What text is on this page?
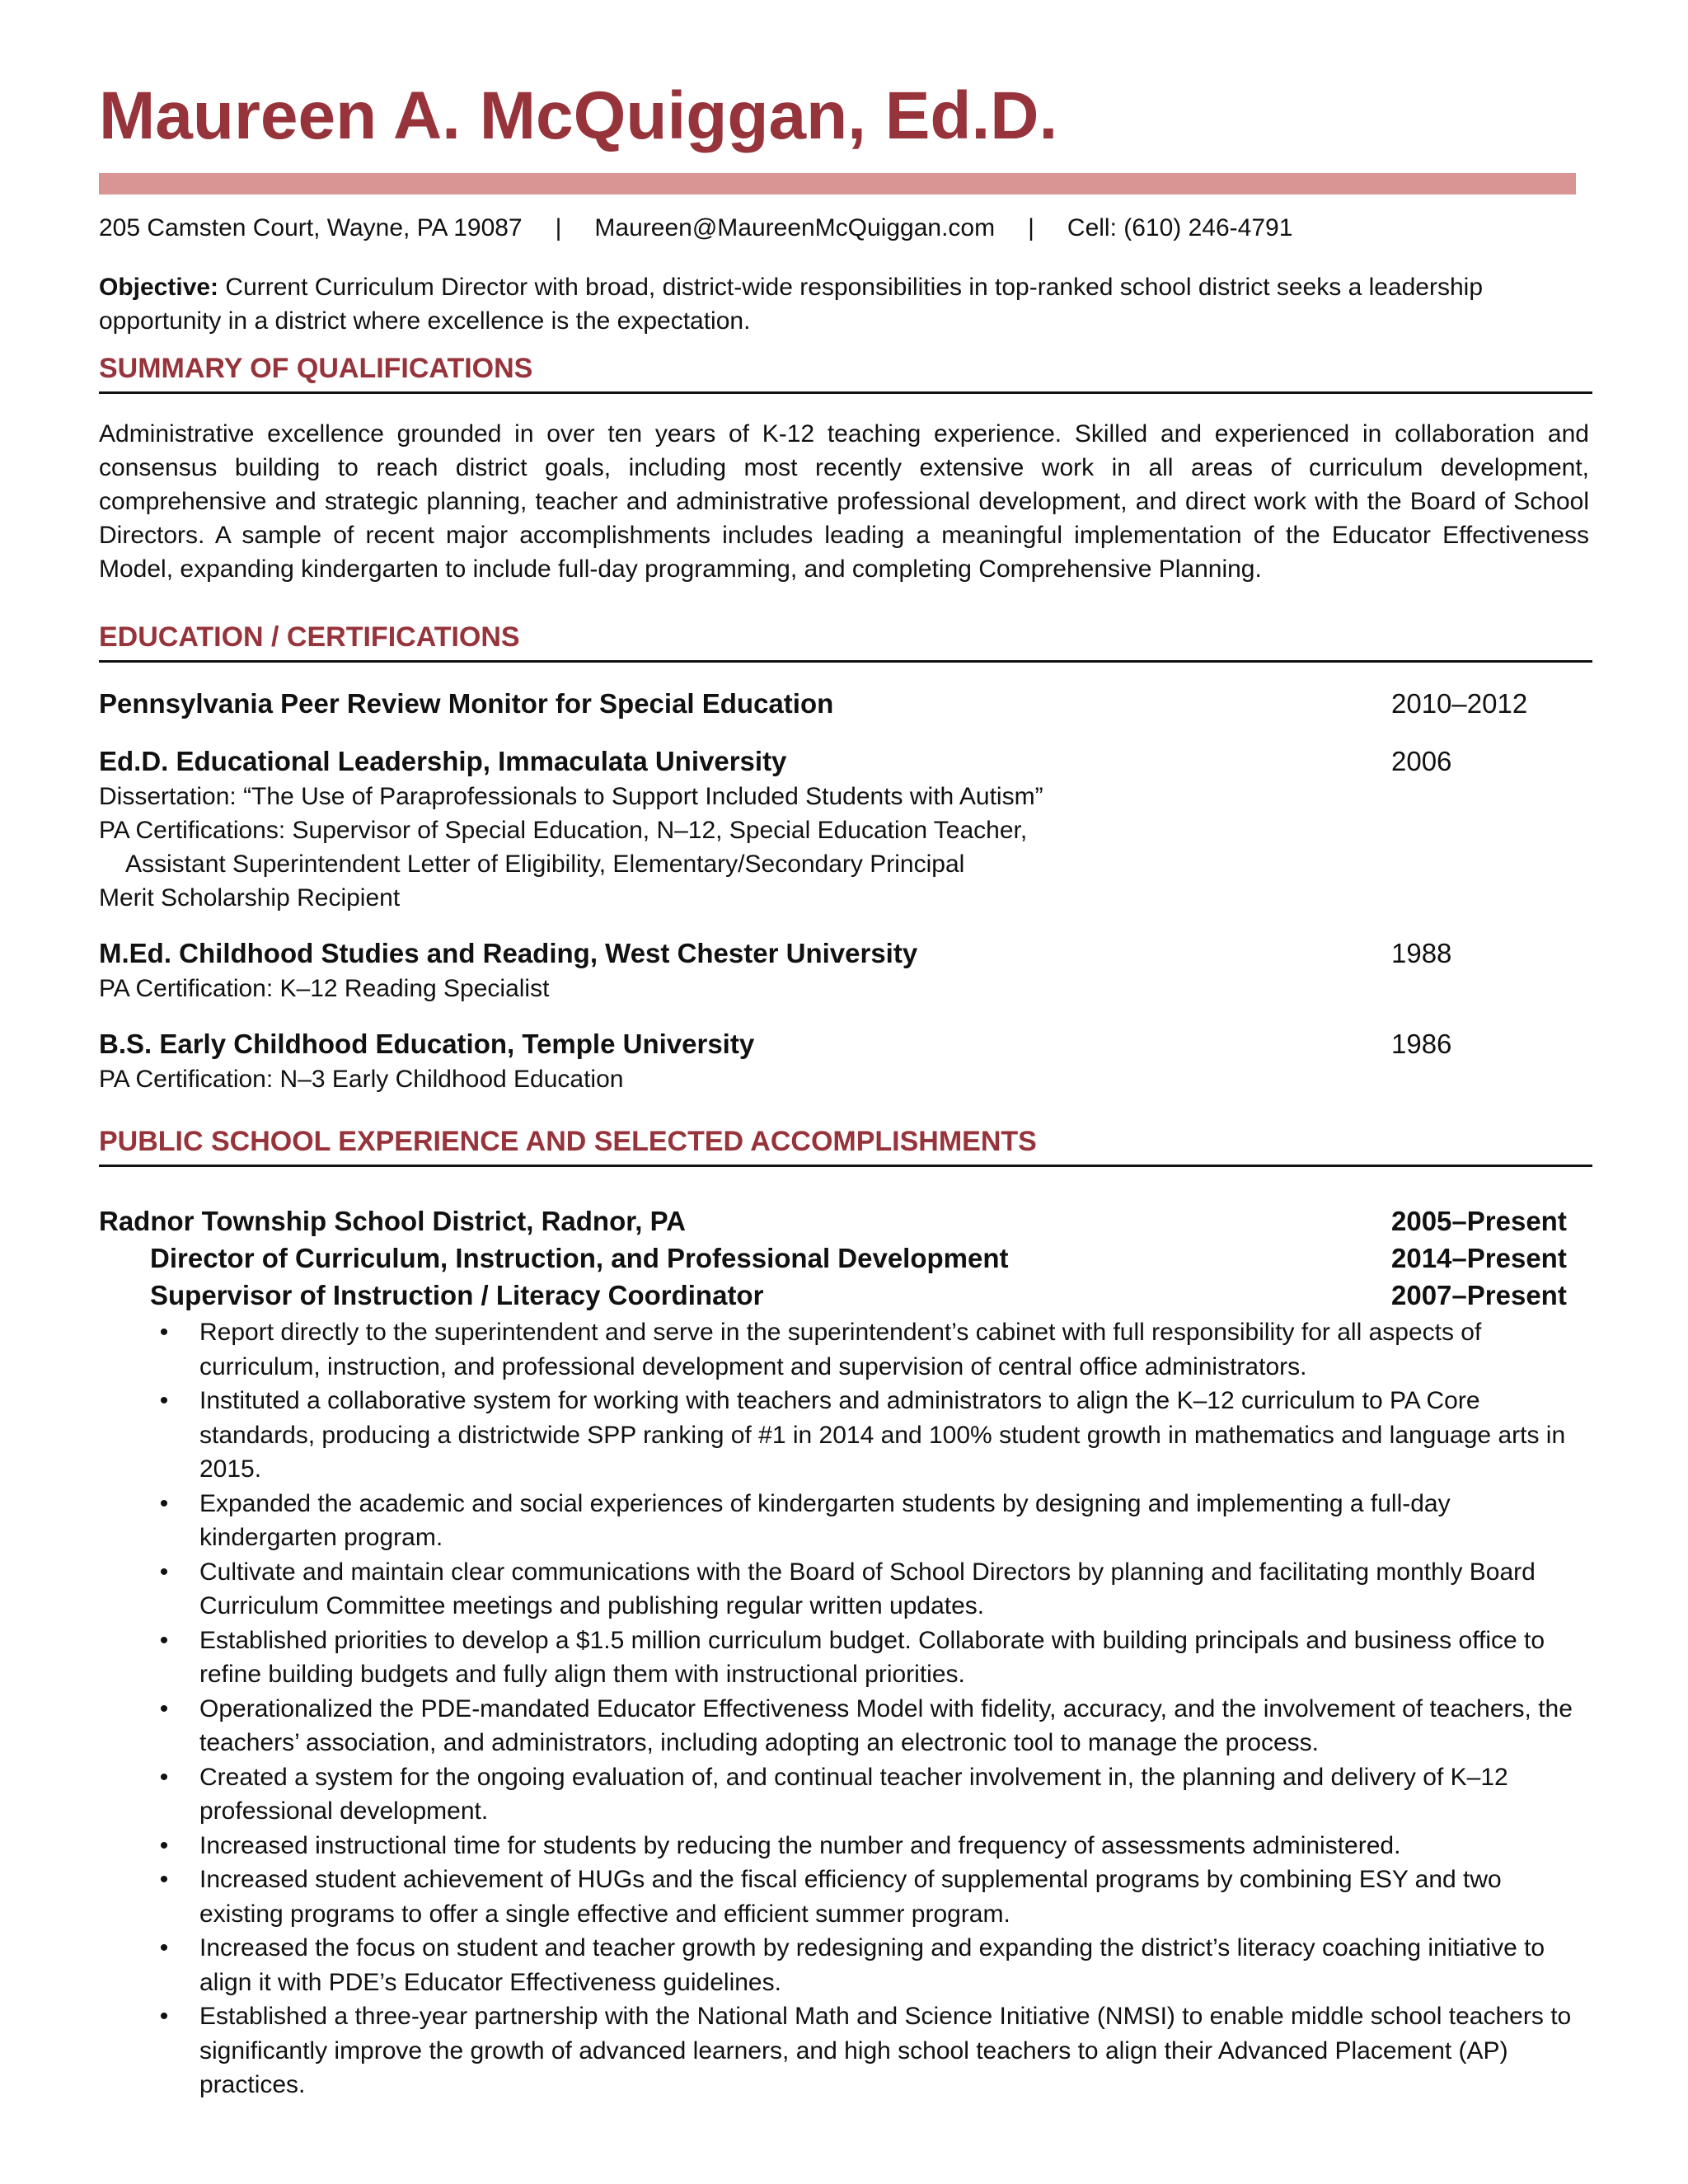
Maureen A. McQuiggan, Ed.D.
205 Camsten Court, Wayne, PA 19087 | Maureen@MaureenMcQuiggan.com | Cell: (610) 246-4791
Objective: Current Curriculum Director with broad, district-wide responsibilities in top-ranked school district seeks a leadership opportunity in a district where excellence is the expectation.
SUMMARY OF QUALIFICATIONS
Administrative excellence grounded in over ten years of K-12 teaching experience. Skilled and experienced in collaboration and consensus building to reach district goals, including most recently extensive work in all areas of curriculum development, comprehensive and strategic planning, teacher and administrative professional development, and direct work with the Board of School Directors. A sample of recent major accomplishments includes leading a meaningful implementation of the Educator Effectiveness Model, expanding kindergarten to include full-day programming, and completing Comprehensive Planning.
EDUCATION / CERTIFICATIONS
Pennsylvania Peer Review Monitor for Special Education	2010–2012
Ed.D. Educational Leadership, Immaculata University	2006
Dissertation: “The Use of Paraprofessionals to Support Included Students with Autism”
PA Certifications: Supervisor of Special Education, N–12, Special Education Teacher,
Assistant Superintendent Letter of Eligibility, Elementary/Secondary Principal
Merit Scholarship Recipient
M.Ed. Childhood Studies and Reading, West Chester University	1988
PA Certification: K–12 Reading Specialist
B.S. Early Childhood Education, Temple University	1986
PA Certification: N–3 Early Childhood Education
PUBLIC SCHOOL EXPERIENCE AND SELECTED ACCOMPLISHMENTS
Radnor Township School District, Radnor, PA	2005–Present
Director of Curriculum, Instruction, and Professional Development	2014–Present
Supervisor of Instruction / Literacy Coordinator	2007–Present
•	Report directly to the superintendent and serve in the superintendent’s cabinet with full responsibility for all aspects of curriculum, instruction, and professional development and supervision of central office administrators.
•	Instituted a collaborative system for working with teachers and administrators to align the K–12 curriculum to PA Core standards, producing a districtwide SPP ranking of #1 in 2014 and 100% student growth in mathematics and language arts in 2015.
•	Expanded the academic and social experiences of kindergarten students by designing and implementing a full-day kindergarten program.
•	Cultivate and maintain clear communications with the Board of School Directors by planning and facilitating monthly Board Curriculum Committee meetings and publishing regular written updates.
•	Established priorities to develop a $1.5 million curriculum budget. Collaborate with building principals and business office to refine building budgets and fully align them with instructional priorities.
•	Operationalized the PDE-mandated Educator Effectiveness Model with fidelity, accuracy, and the involvement of teachers, the teachers’ association, and administrators, including adopting an electronic tool to manage the process.
•	Created a system for the ongoing evaluation of, and continual teacher involvement in, the planning and delivery of K–12 professional development.
•	Increased instructional time for students by reducing the number and frequency of assessments administered.
•	Increased student achievement of HUGs and the fiscal efficiency of supplemental programs by combining ESY and two existing programs to offer a single effective and efficient summer program.
•	Increased the focus on student and teacher growth by redesigning and expanding the district’s literacy coaching initiative to align it with PDE’s Educator Effectiveness guidelines.
•	Established a three-year partnership with the National Math and Science Initiative (NMSI) to enable middle school teachers to significantly improve the growth of advanced learners, and high school teachers to align their Advanced Placement (AP) practices.
